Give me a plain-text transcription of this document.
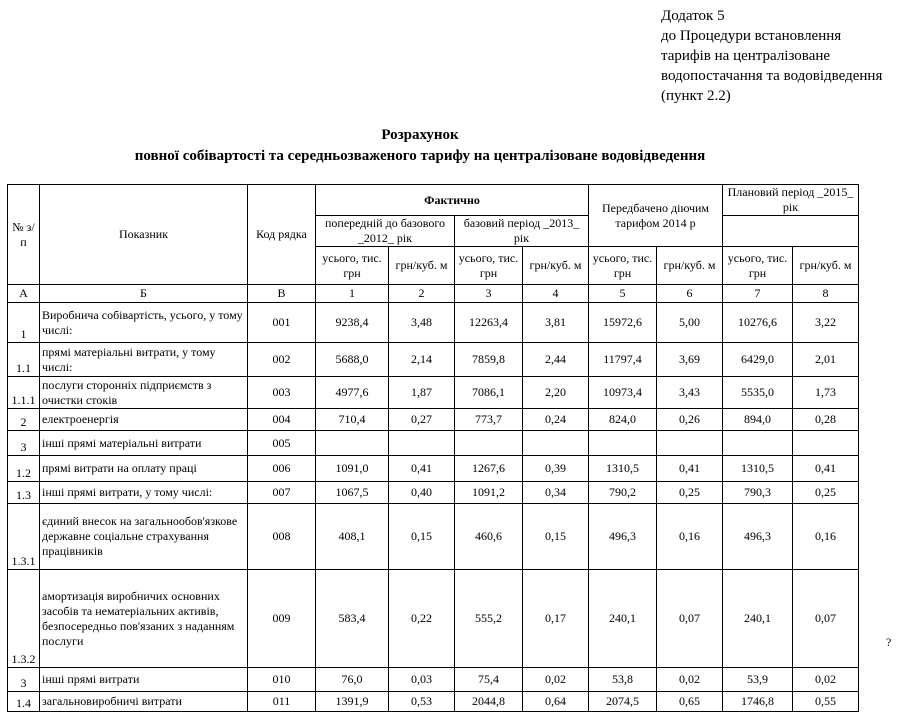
Додаток 5
до Процедури встановлення
тарифів на централізоване
водопостачання та водовідведення
(пункт 2.2)
Розрахунок
повної собівартості та середньозваженого тарифу на централізоване водовідведення
№ з/п	Показник	Код рядка	Фактично				Передбачено діючим тарифом 2014 р		Плановий період _2015_ рік	
			попередній до базового _2012_ рік		базовий період _2013_ рік					
			усього, тис. грн	грн/куб. м	усього, тис. грн	грн/куб. м	усього, тис. грн	грн/куб. м	усього, тис. грн	грн/куб. м

А	Б	В	1	2	3	4	5	6	7	8
1	Виробнича собівартість, усього, у тому числі:	001	9238,4	3,48	12263,4	3,81	15972,6	5,00	10276,6	3,22
1.1	прямі матеріальні витрати, у тому числі:	002	5688,0	2,14	7859,8	2,44	11797,4	3,69	6429,0	2,01
1.1.1	послуги сторонніх підприємств з очистки стоків	003	4977,6	1,87	7086,1	2,20	10973,4	3,43	5535,0	1,73
2	електроенергія	004	710,4	0,27	773,7	0,24	824,0	0,26	894,0	0,28
3	інші прямі матеріальні витрати	005								
1.2	прямі витрати на оплату праці	006	1091,0	0,41	1267,6	0,39	1310,5	0,41	1310,5	0,41
1.3	інші прямі витрати, у тому числі:	007	1067,5	0,40	1091,2	0,34	790,2	0,25	790,3	0,25
1.3.1	єдиний внесок на загальнообов'язкове державне соціальне страхування працівників	008	408,1	0,15	460,6	0,15	496,3	0,16	496,3	0,16
1.3.2	амортизація виробничих основних засобів та нематеріальних активів, безпосередньо пов'язаних з наданням послуги	009	583,4	0,22	555,2	0,17	240,1	0,07	240,1	0,07
3	інші прямі витрати	010	76,0	0,03	75,4	0,02	53,8	0,02	53,9	0,02
1.4	загальновиробничі витрати	011	1391,9	0,53	2044,8	0,64	2074,5	0,65	1746,8	0,55
?
